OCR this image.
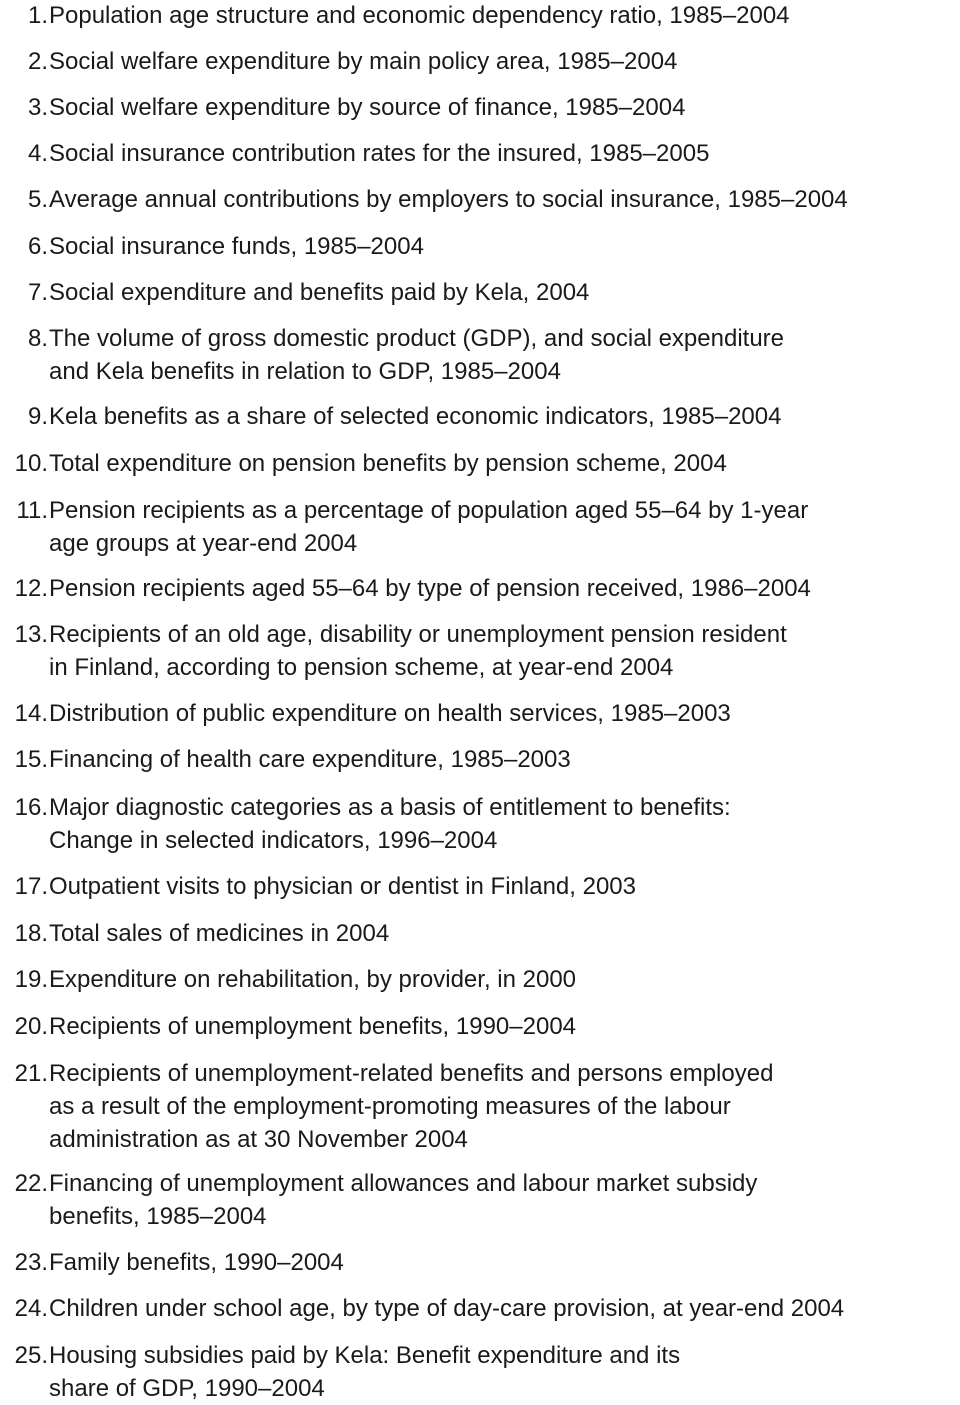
1. Population age structure and economic dependency ratio, 1985–2004
2. Social welfare expenditure by main policy area, 1985–2004
3. Social welfare expenditure by source of finance, 1985–2004
4. Social insurance contribution rates for the insured, 1985–2005
5. Average annual contributions by employers to social insurance, 1985–2004
6. Social insurance funds, 1985–2004
7. Social expenditure and benefits paid by Kela, 2004
8. The volume of gross domestic product (GDP), and social expenditure
and Kela benefits in relation to GDP, 1985–2004
9. Kela benefits as a share of selected economic indicators, 1985–2004
10. Total expenditure on pension benefits by pension scheme, 2004
11. Pension recipients as a percentage of population aged 55–64 by 1-year
age groups at year-end 2004
12. Pension recipients aged 55–64 by type of pension received, 1986–2004
13. Recipients of an old age, disability or unemployment pension resident
in Finland, according to pension scheme, at year-end 2004
14. Distribution of public expenditure on health services, 1985–2003
15. Financing of health care expenditure, 1985–2003
16. Major diagnostic categories as a basis of entitlement to benefits:
Change in selected indicators, 1996–2004
17. Outpatient visits to physician or dentist in Finland, 2003
18. Total sales of medicines in 2004
19. Expenditure on rehabilitation, by provider, in 2000
20. Recipients of unemployment benefits, 1990–2004
21. Recipients of unemployment-related benefits and persons employed
as a result of the employment-promoting measures of the labour
administration as at 30 November 2004
22. Financing of unemployment allowances and labour market subsidy
benefits, 1985–2004
23. Family benefits, 1990–2004
24. Children under school age, by type of day-care provision, at year-end 2004
25. Housing subsidies paid by Kela: Benefit expenditure and its
share of GDP, 1990–2004
